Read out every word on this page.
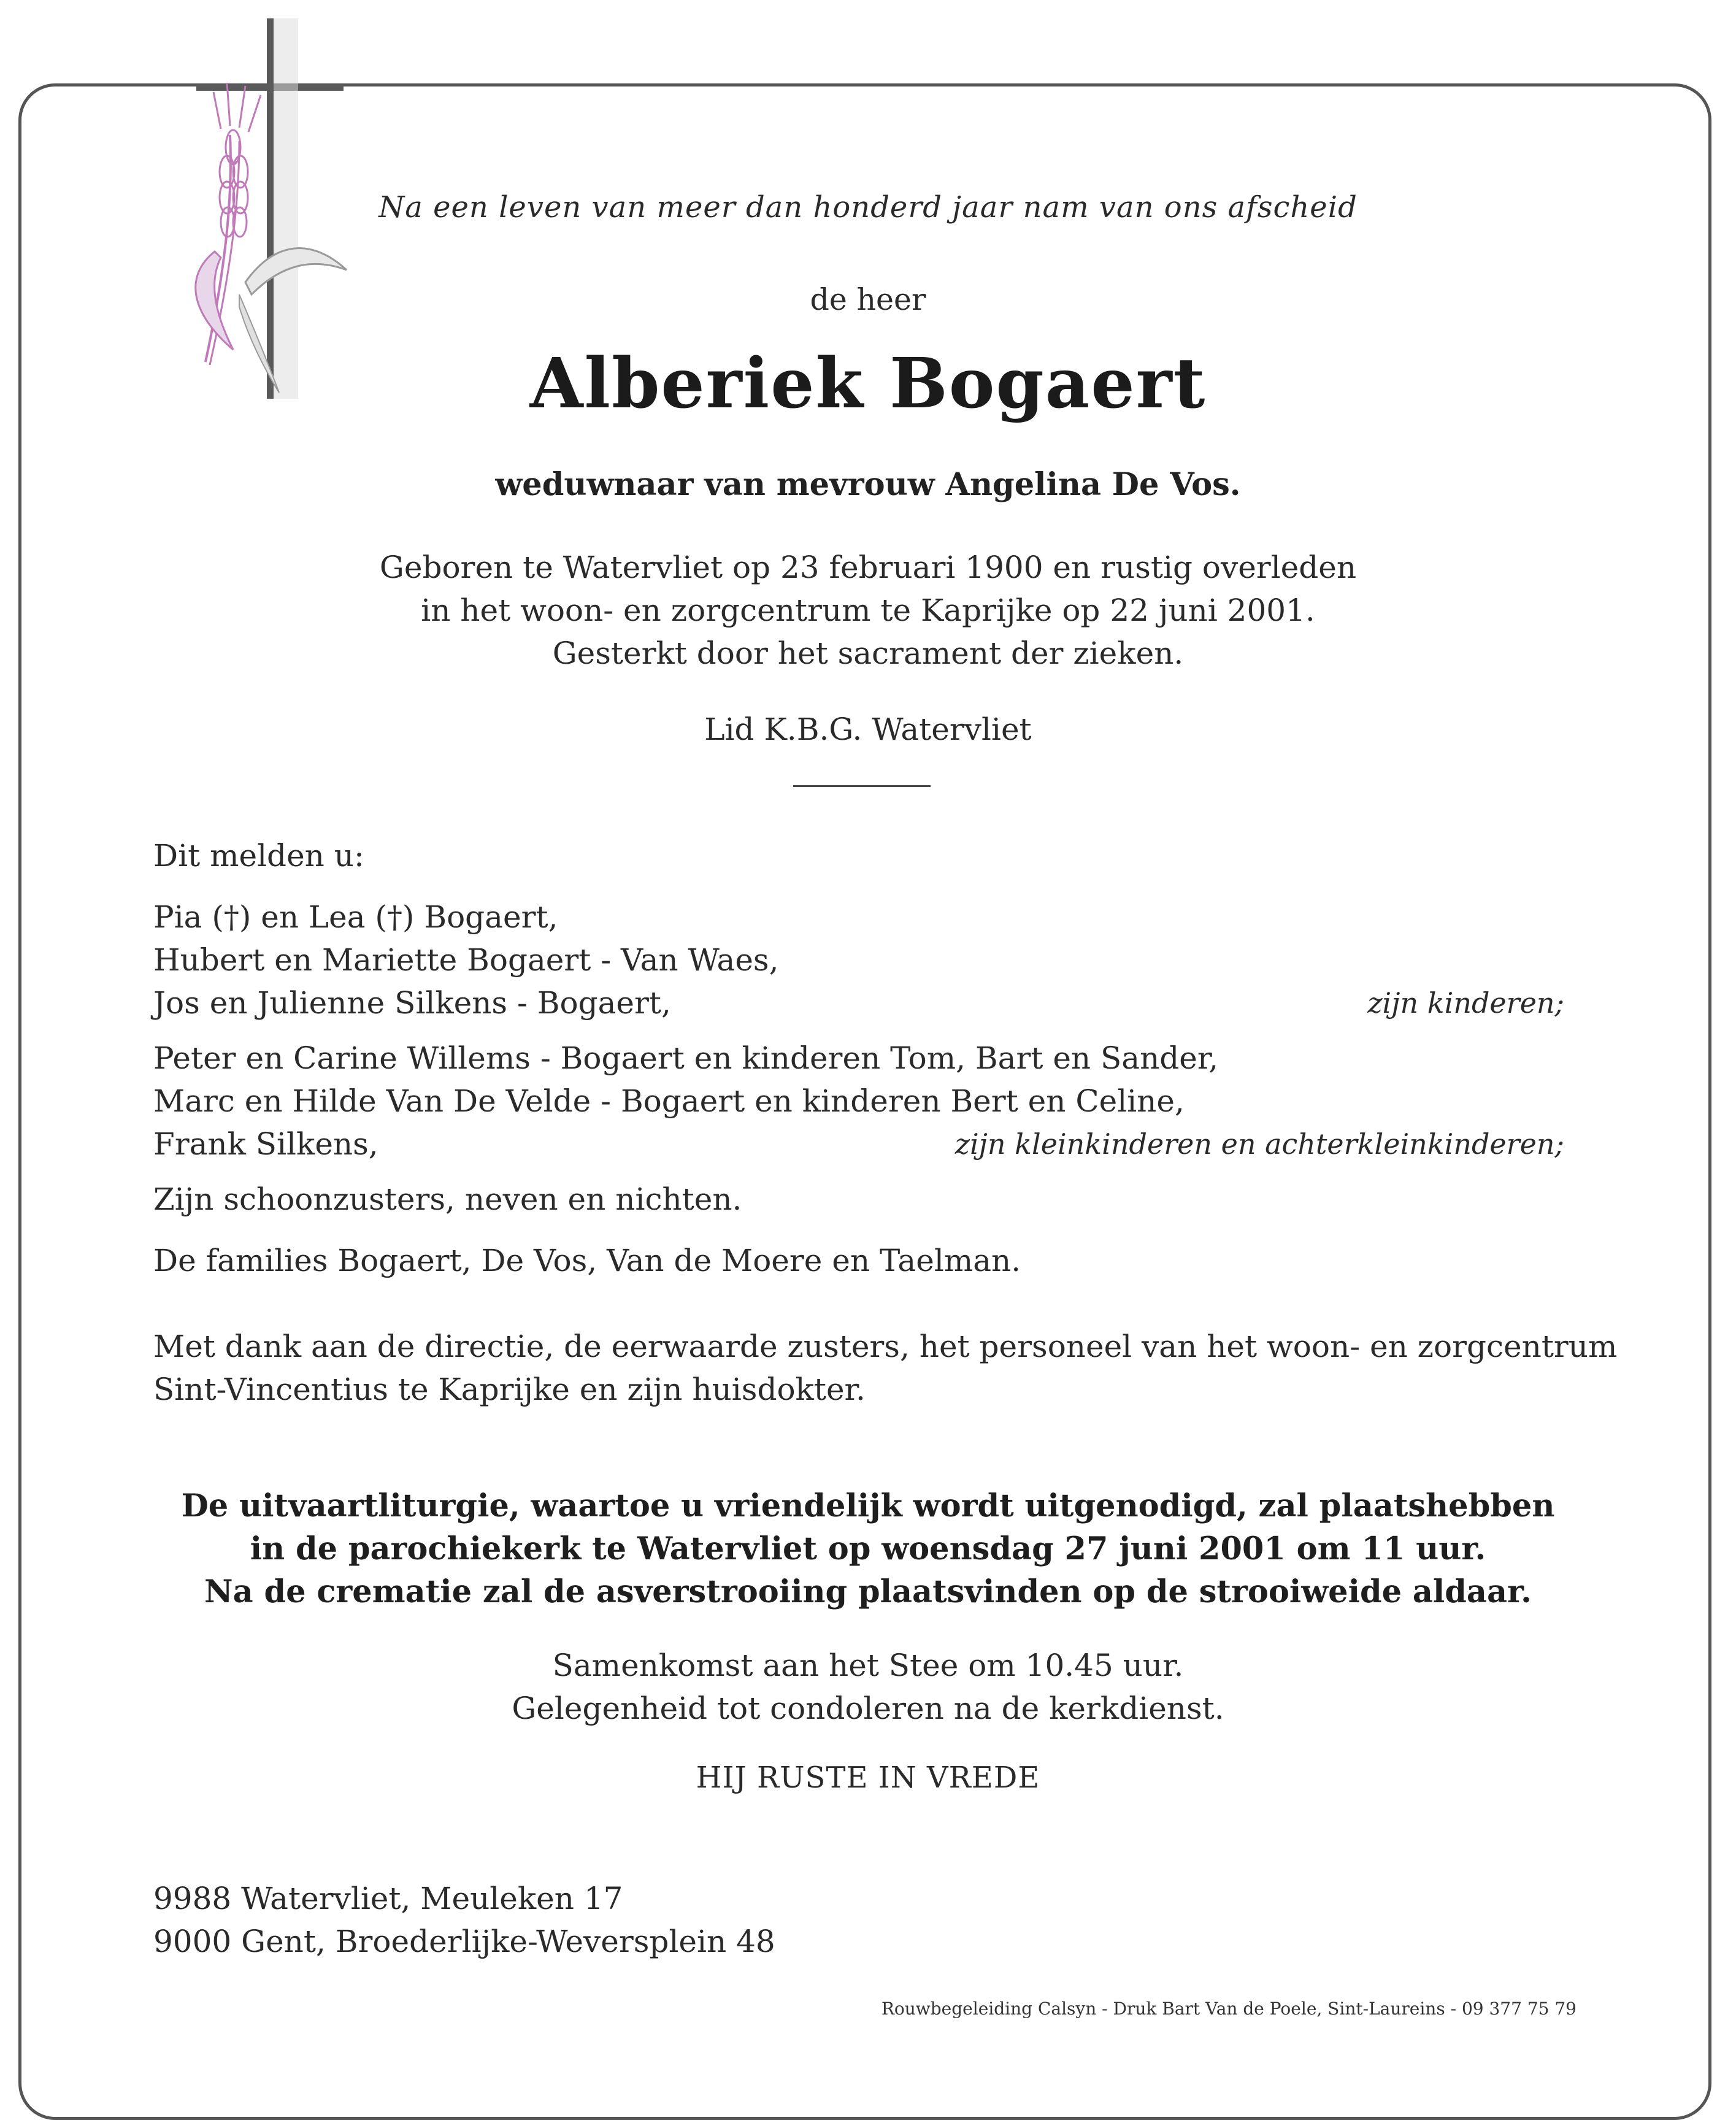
Na een leven van meer dan honderd jaar nam van ons afscheid
de heer
Alberiek Bogaert
weduwnaar van mevrouw Angelina De Vos.
Geboren te Watervliet op 23 februari 1900 en rustig overleden
in het woon- en zorgcentrum te Kaprijke op 22 juni 2001.
Gesterkt door het sacrament der zieken.
Lid K.B.G. Watervliet
Dit melden u:
Pia (†) en Lea (†) Bogaert,
Hubert en Mariette Bogaert - Van Waes,
Jos en Julienne Silkens - Bogaert,	zijn kinderen;
Peter en Carine Willems - Bogaert en kinderen Tom, Bart en Sander,
Marc en Hilde Van De Velde - Bogaert en kinderen Bert en Celine,
Frank Silkens,	zijn kleinkinderen en achterkleinkinderen;
Zijn schoonzusters, neven en nichten.
De families Bogaert, De Vos, Van de Moere en Taelman.
Met dank aan de directie, de eerwaarde zusters, het personeel van het woon- en zorgcentrum
Sint-Vincentius te Kaprijke en zijn huisdokter.
De uitvaartliturgie, waartoe u vriendelijk wordt uitgenodigd, zal plaatshebben
in de parochiekerk te Watervliet op woensdag 27 juni 2001 om 11 uur.
Na de crematie zal de asverstrooiing plaatsvinden op de strooiweide aldaar.
Samenkomst aan het Stee om 10.45 uur.
Gelegenheid tot condoleren na de kerkdienst.
HIJ RUSTE IN VREDE
9988 Watervliet, Meuleken 17
9000 Gent, Broederlijke-Weversplein 48
Rouwbegeleiding Calsyn - Druk Bart Van de Poele, Sint-Laureins - 09 377 75 79
